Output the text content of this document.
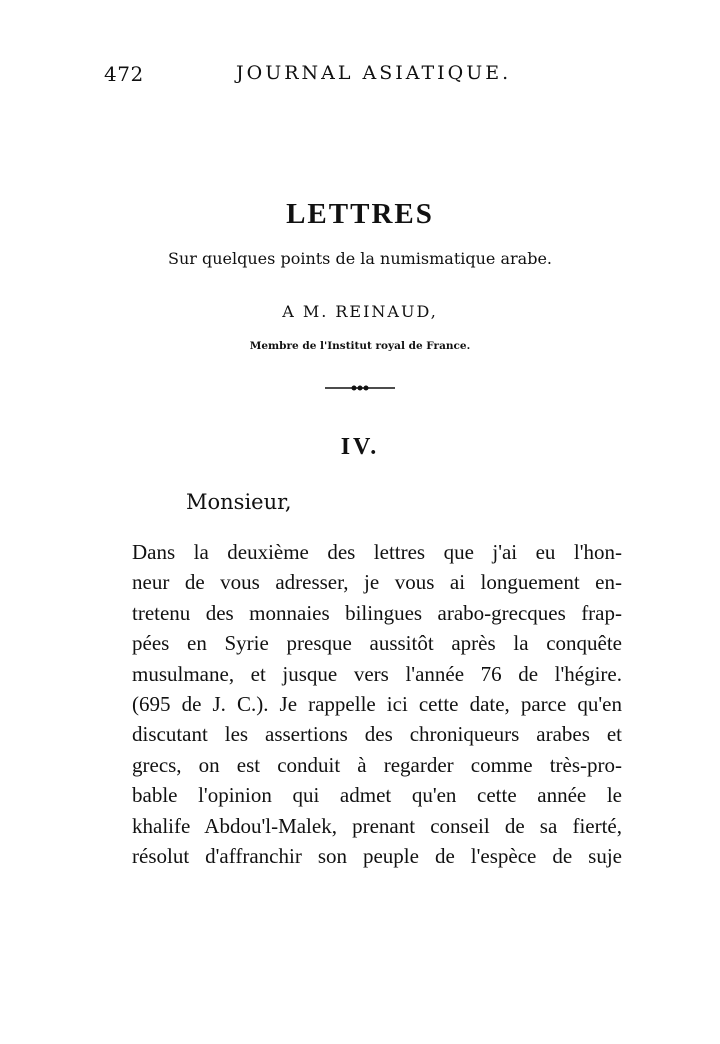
472	JOURNAL ASIATIQUE.
LETTRES
Sur quelques points de la numismatique arabe.
A M. REINAUD,
Membre de l'Institut royal de France.
IV.
Monsieur,
Dans la deuxième des lettres que j'ai eu l'hon-
neur de vous adresser, je vous ai longuement en-
tretenu des monnaies bilingues arabo-grecques frap-
pées en Syrie presque aussitôt après la conquête
musulmane, et jusque vers l'année 76 de l'hégire.
(695 de J. C.). Je rappelle ici cette date, parce qu'en
discutant les assertions des chroniqueurs arabes et
grecs, on est conduit à regarder comme très-pro-
bable l'opinion qui admet qu'en cette année le
khalife Abdou'l-Malek, prenant conseil de sa fierté,
résolut d'affranchir son peuple de l'espèce de suje
